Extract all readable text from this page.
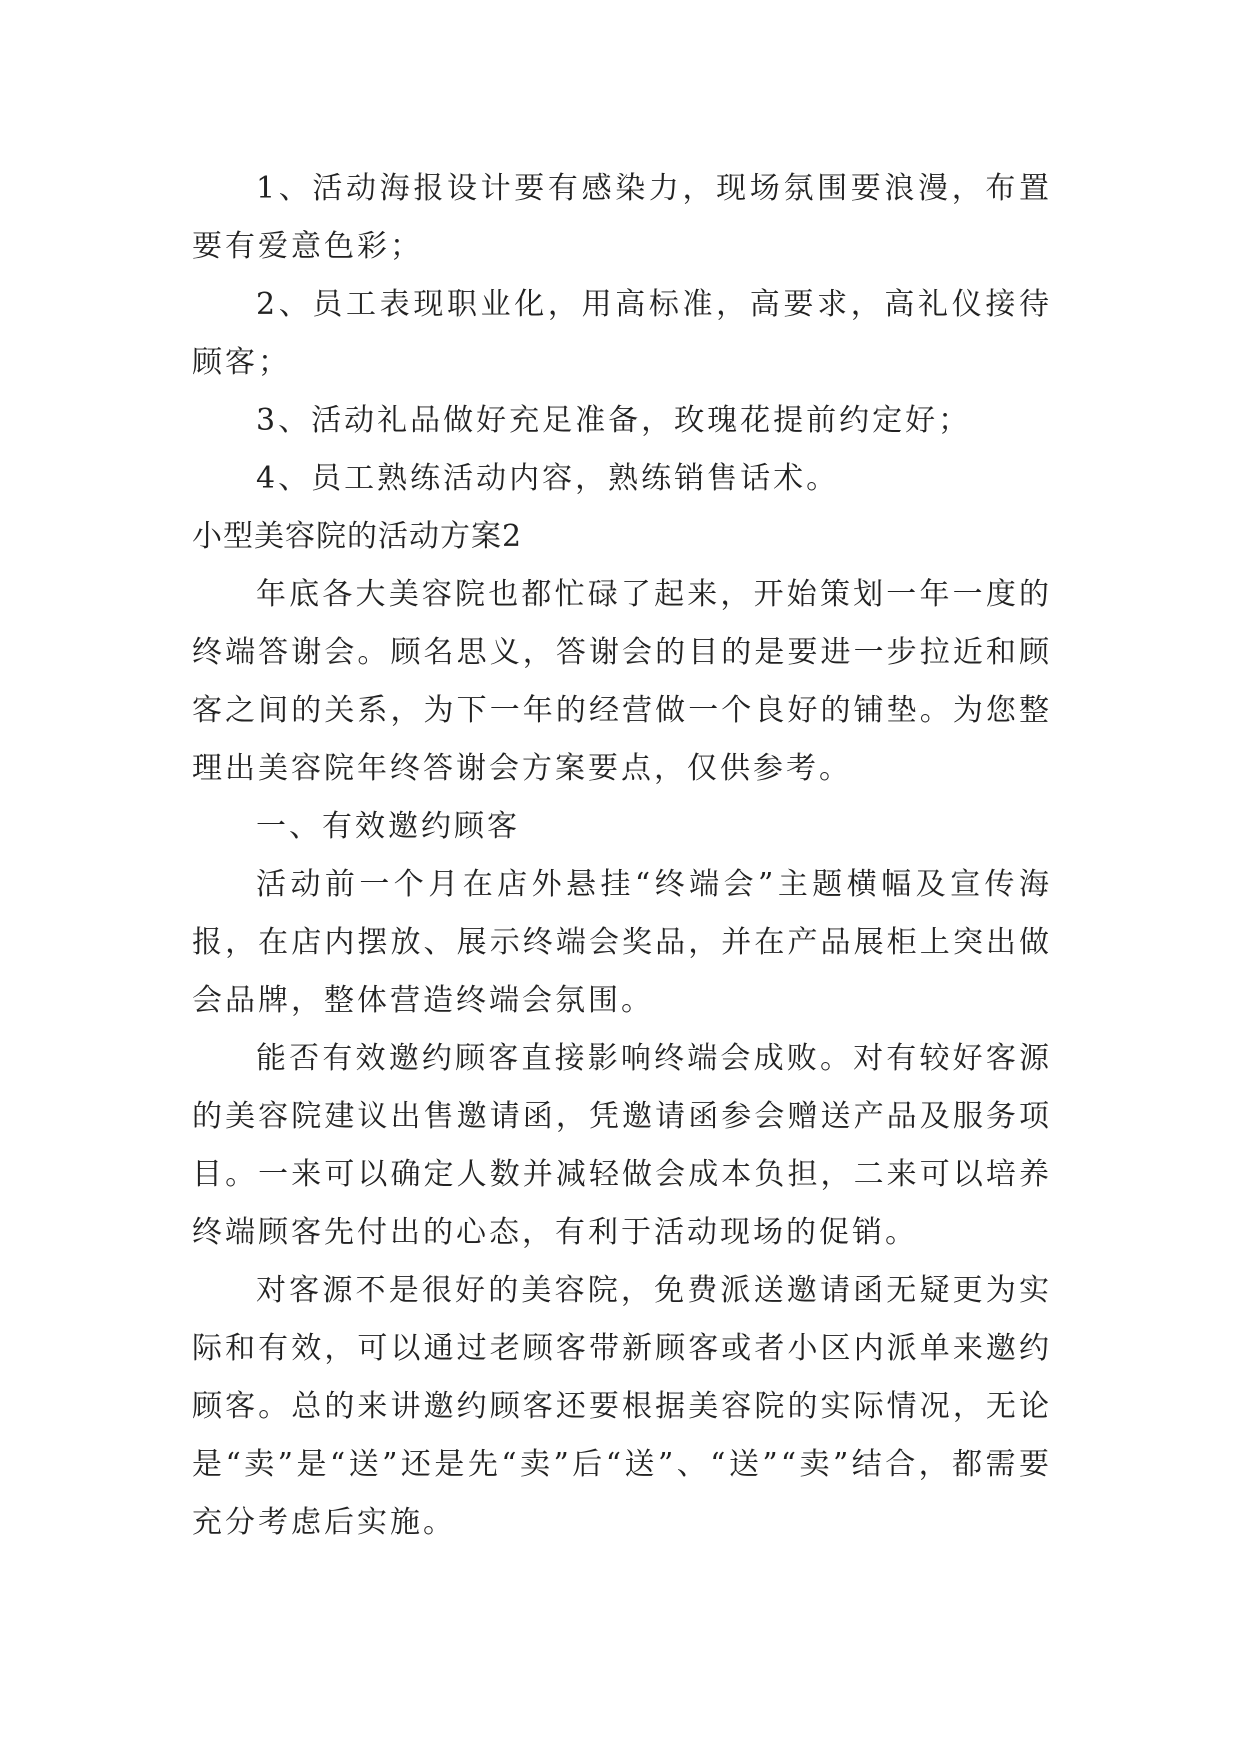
1、活动海报设计要有感染力，现场氛围要浪漫，布置要有爱意色彩；

2、员工表现职业化，用高标准，高要求，高礼仪接待顾客；

3、活动礼品做好充足准备，玫瑰花提前约定好；

4、员工熟练活动内容，熟练销售话术。

小型美容院的活动方案2

年底各大美容院也都忙碌了起来，开始策划一年一度的终端答谢会。顾名思义，答谢会的目的是要进一步拉近和顾客之间的关系，为下一年的经营做一个良好的铺垫。为您整理出美容院年终答谢会方案要点，仅供参考。

一、有效邀约顾客

活动前一个月在店外悬挂“终端会”主题横幅及宣传海报，在店内摆放、展示终端会奖品，并在产品展柜上突出做会品牌，整体营造终端会氛围。

能否有效邀约顾客直接影响终端会成败。对有较好客源的美容院建议出售邀请函，凭邀请函参会赠送产品及服务项目。一来可以确定人数并减轻做会成本负担，二来可以培养终端顾客先付出的心态，有利于活动现场的促销。

对客源不是很好的美容院，免费派送邀请函无疑更为实际和有效，可以通过老顾客带新顾客或者小区内派单来邀约顾客。总的来讲邀约顾客还要根据美容院的实际情况，无论是“卖”是“送”还是先“卖”后“送”、“送”“卖”结合，都需要充分考虑后实施。
